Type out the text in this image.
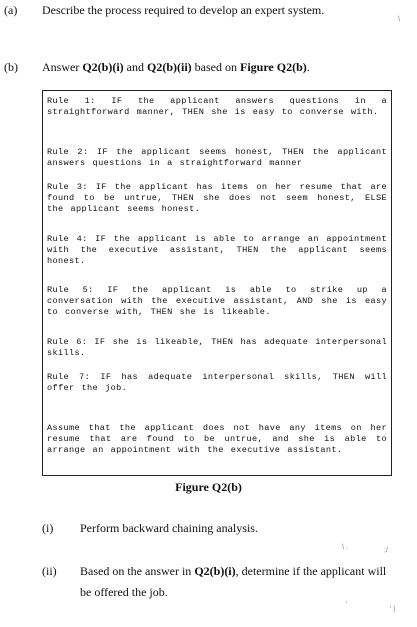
(a) Describe the process required to develop an expert system.
\
(b) Answer Q2(b)(i) and Q2(b)(ii) based on Figure Q2(b).
Rule 1: IF the applicant answers questions in a straightforward manner, THEN she is easy to converse with.
Rule 2: IF the applicant seems honest, THEN the applicant answers questions in a straightforward manner
Rule 3: IF the applicant has items on her resume that are found to be untrue, THEN she does not seem honest, ELSE the applicant seems honest.
Rule 4: IF the applicant is able to arrange an appointment with the executive assistant, THEN the applicant seems honest.
Rule 5: IF the applicant is able to strike up a conversation with the executive assistant, AND she is easy to converse with, THEN she is likeable.
Rule 6: IF she is likeable, THEN has adequate interpersonal skills.
Rule 7: IF has adequate interpersonal skills, THEN will offer the job.
Assume that the applicant does not have any items on her resume that are found to be untrue, and she is able to arrange an appointment with the executive assistant.
Figure Q2(b)
(i) Perform backward chaining analysis.
\ .	;/
(ii) Based on the answer in Q2(b)(i), determine if the applicant will
be offered the job.
'
' |
